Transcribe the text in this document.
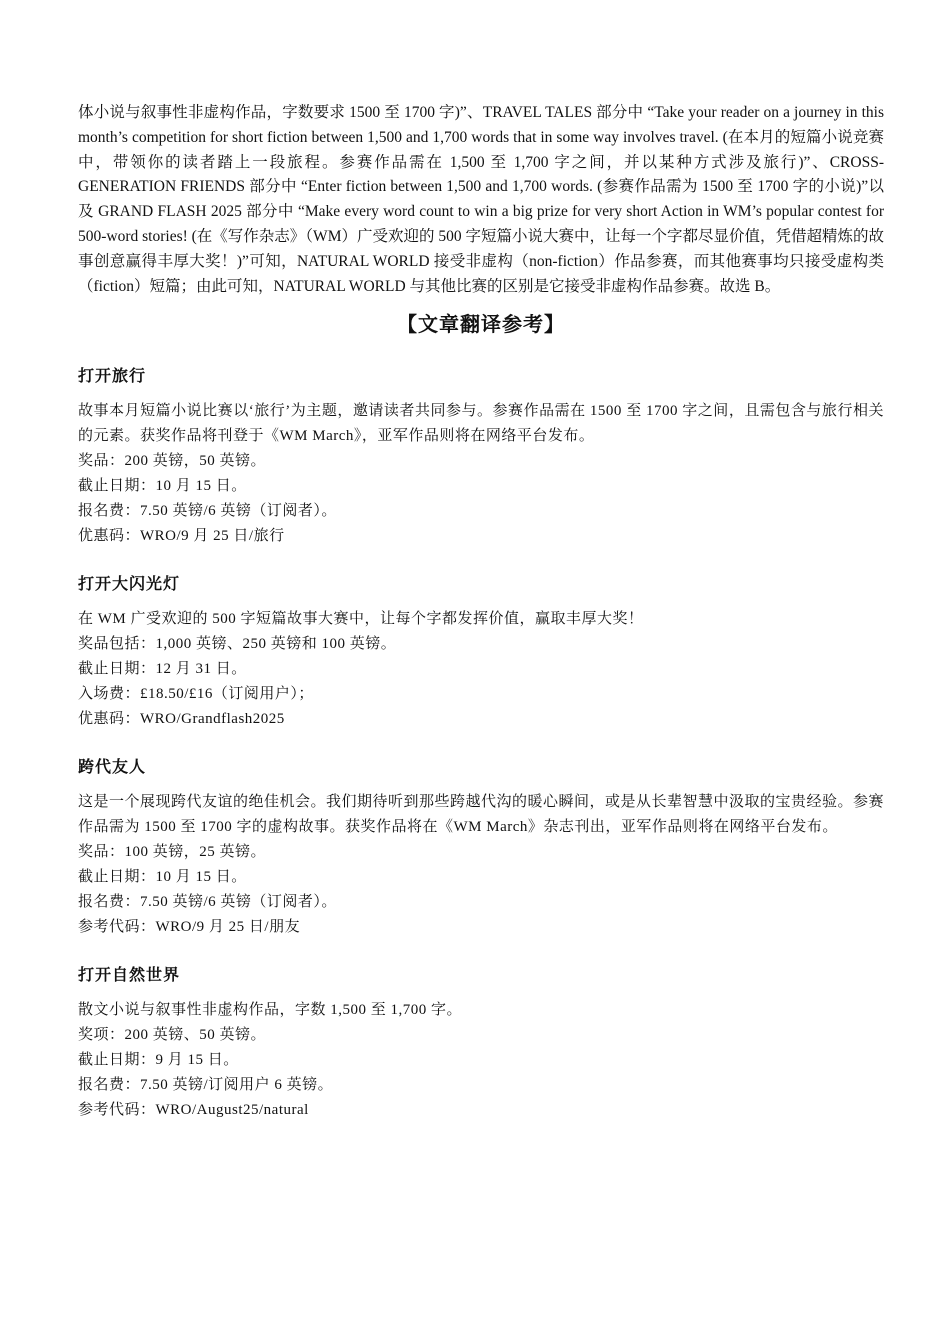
体小说与叙事性非虚构作品，字数要求 1500 至 1700 字)”、TRAVEL TALES 部分中 “Take your reader on a journey in this month’s competition for short fiction between 1,500 and 1,700 words that in some way involves travel. (在本月的短篇小说竞赛中，带领你的读者踏上一段旅程。参赛作品需在 1,500 至 1,700 字之间，并以某种方式涉及旅行)”、CROSS-GENERATION FRIENDS 部分中 “Enter fiction between 1,500 and 1,700 words. (参赛作品需为 1500 至 1700 字的小说)”以及 GRAND FLASH 2025 部分中 “Make every word count to win a big prize for very short Action in WM’s popular contest for 500-word stories! (在《写作杂志》（WM）广受欢迎的 500 字短篇小说大赛中，让每一个字都尽显价值，凭借超精炼的故事创意赢得丰厚大奖！)”可知，NATURAL WORLD 接受非虚构（non-fiction）作品参赛，而其他赛事均只接受虚构类（fiction）短篇；由此可知，NATURAL WORLD 与其他比赛的区别是它接受非虚构作品参赛。故选 B。

【文章翻译参考】
打开旅行

故事本月短篇小说比赛以‘旅行’为主题，邀请读者共同参与。参赛作品需在 1500 至 1700 字之间，且需包含与旅行相关的元素。获奖作品将刊登于《WM March》，亚军作品则将在网络平台发布。

奖品：200 英镑，50 英镑。

截止日期：10 月 15 日。

报名费：7.50 英镑/6 英镑（订阅者）。

优惠码：WRO/9 月 25 日/旅行

打开大闪光灯

在 WM 广受欢迎的 500 字短篇故事大赛中，让每个字都发挥价值，赢取丰厚大奖！

奖品包括：1,000 英镑、250 英镑和 100 英镑。

截止日期：12 月 31 日。

入场费：£18.50/£16（订阅用户）；

优惠码：WRO/Grandflash2025

跨代友人

这是一个展现跨代友谊的绝佳机会。我们期待听到那些跨越代沟的暖心瞬间，或是从长辈智慧中汲取的宝贵经验。参赛作品需为 1500 至 1700 字的虚构故事。获奖作品将在《WM March》杂志刊出，亚军作品则将在网络平台发布。

奖品：100 英镑，25 英镑。

截止日期：10 月 15 日。

报名费：7.50 英镑/6 英镑（订阅者）。

参考代码：WRO/9 月 25 日/朋友

打开自然世界

散文小说与叙事性非虚构作品，字数 1,500 至 1,700 字。

奖项：200 英镑、50 英镑。

截止日期：9 月 15 日。

报名费：7.50 英镑/订阅用户 6 英镑。

参考代码：WRO/August25/natural
